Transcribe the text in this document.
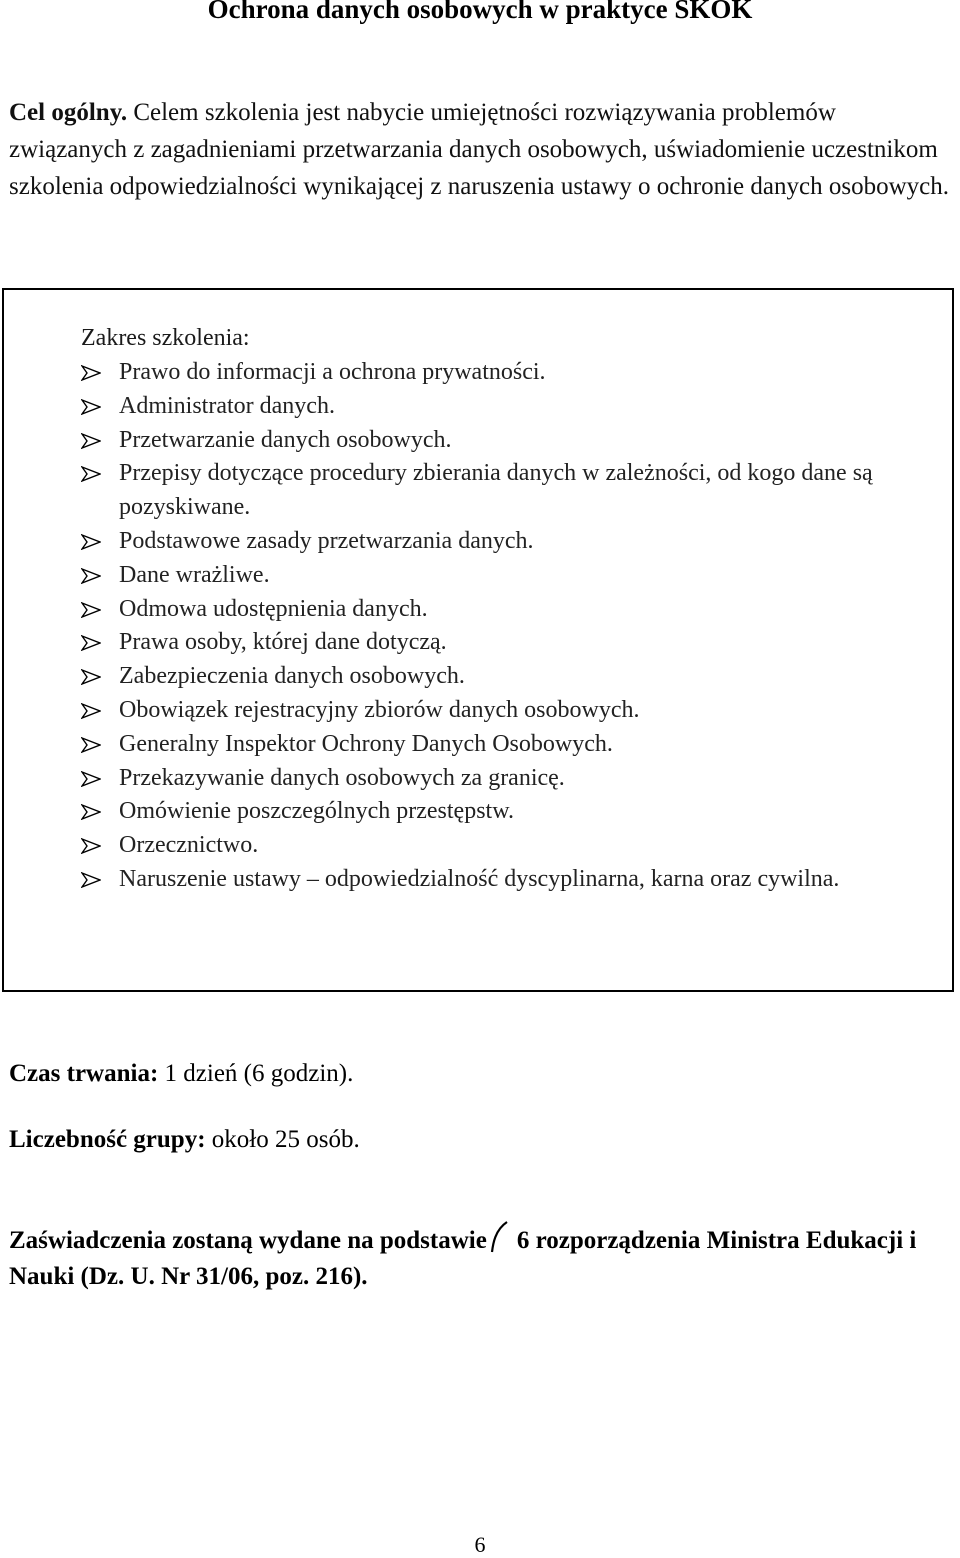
Ochrona danych osobowych w praktyce SKOK
Cel ogólny. Celem szkolenia jest nabycie umiejętności rozwiązywania problemów związanych z zagadnieniami przetwarzania danych osobowych, uświadomienie uczestnikom szkolenia odpowiedzialności wynikającej z naruszenia ustawy o ochronie danych osobowych.
Zakres szkolenia:
Prawo do informacji a ochrona prywatności.
Administrator danych.
Przetwarzanie danych osobowych.
Przepisy dotyczące procedury zbierania danych w zależności, od kogo dane są pozyskiwane.
Podstawowe zasady przetwarzania danych.
Dane wrażliwe.
Odmowa udostępnienia danych.
Prawa osoby, której dane dotyczą.
Zabezpieczenia danych osobowych.
Obowiązek rejestracyjny zbiorów danych osobowych.
Generalny Inspektor Ochrony Danych Osobowych.
Przekazywanie danych osobowych za granicę.
Omówienie poszczególnych przestępstw.
Orzecznictwo.
Naruszenie ustawy – odpowiedzialność dyscyplinarna, karna oraz cywilna.
Czas trwania: 1 dzień (6 godzin).
Liczebność grupy: około 25 osób.
Zaświadczenia zostaną wydane na podstawie 6 rozporządzenia Ministra Edukacji i Nauki (Dz. U. Nr 31/06, poz. 216).
6
